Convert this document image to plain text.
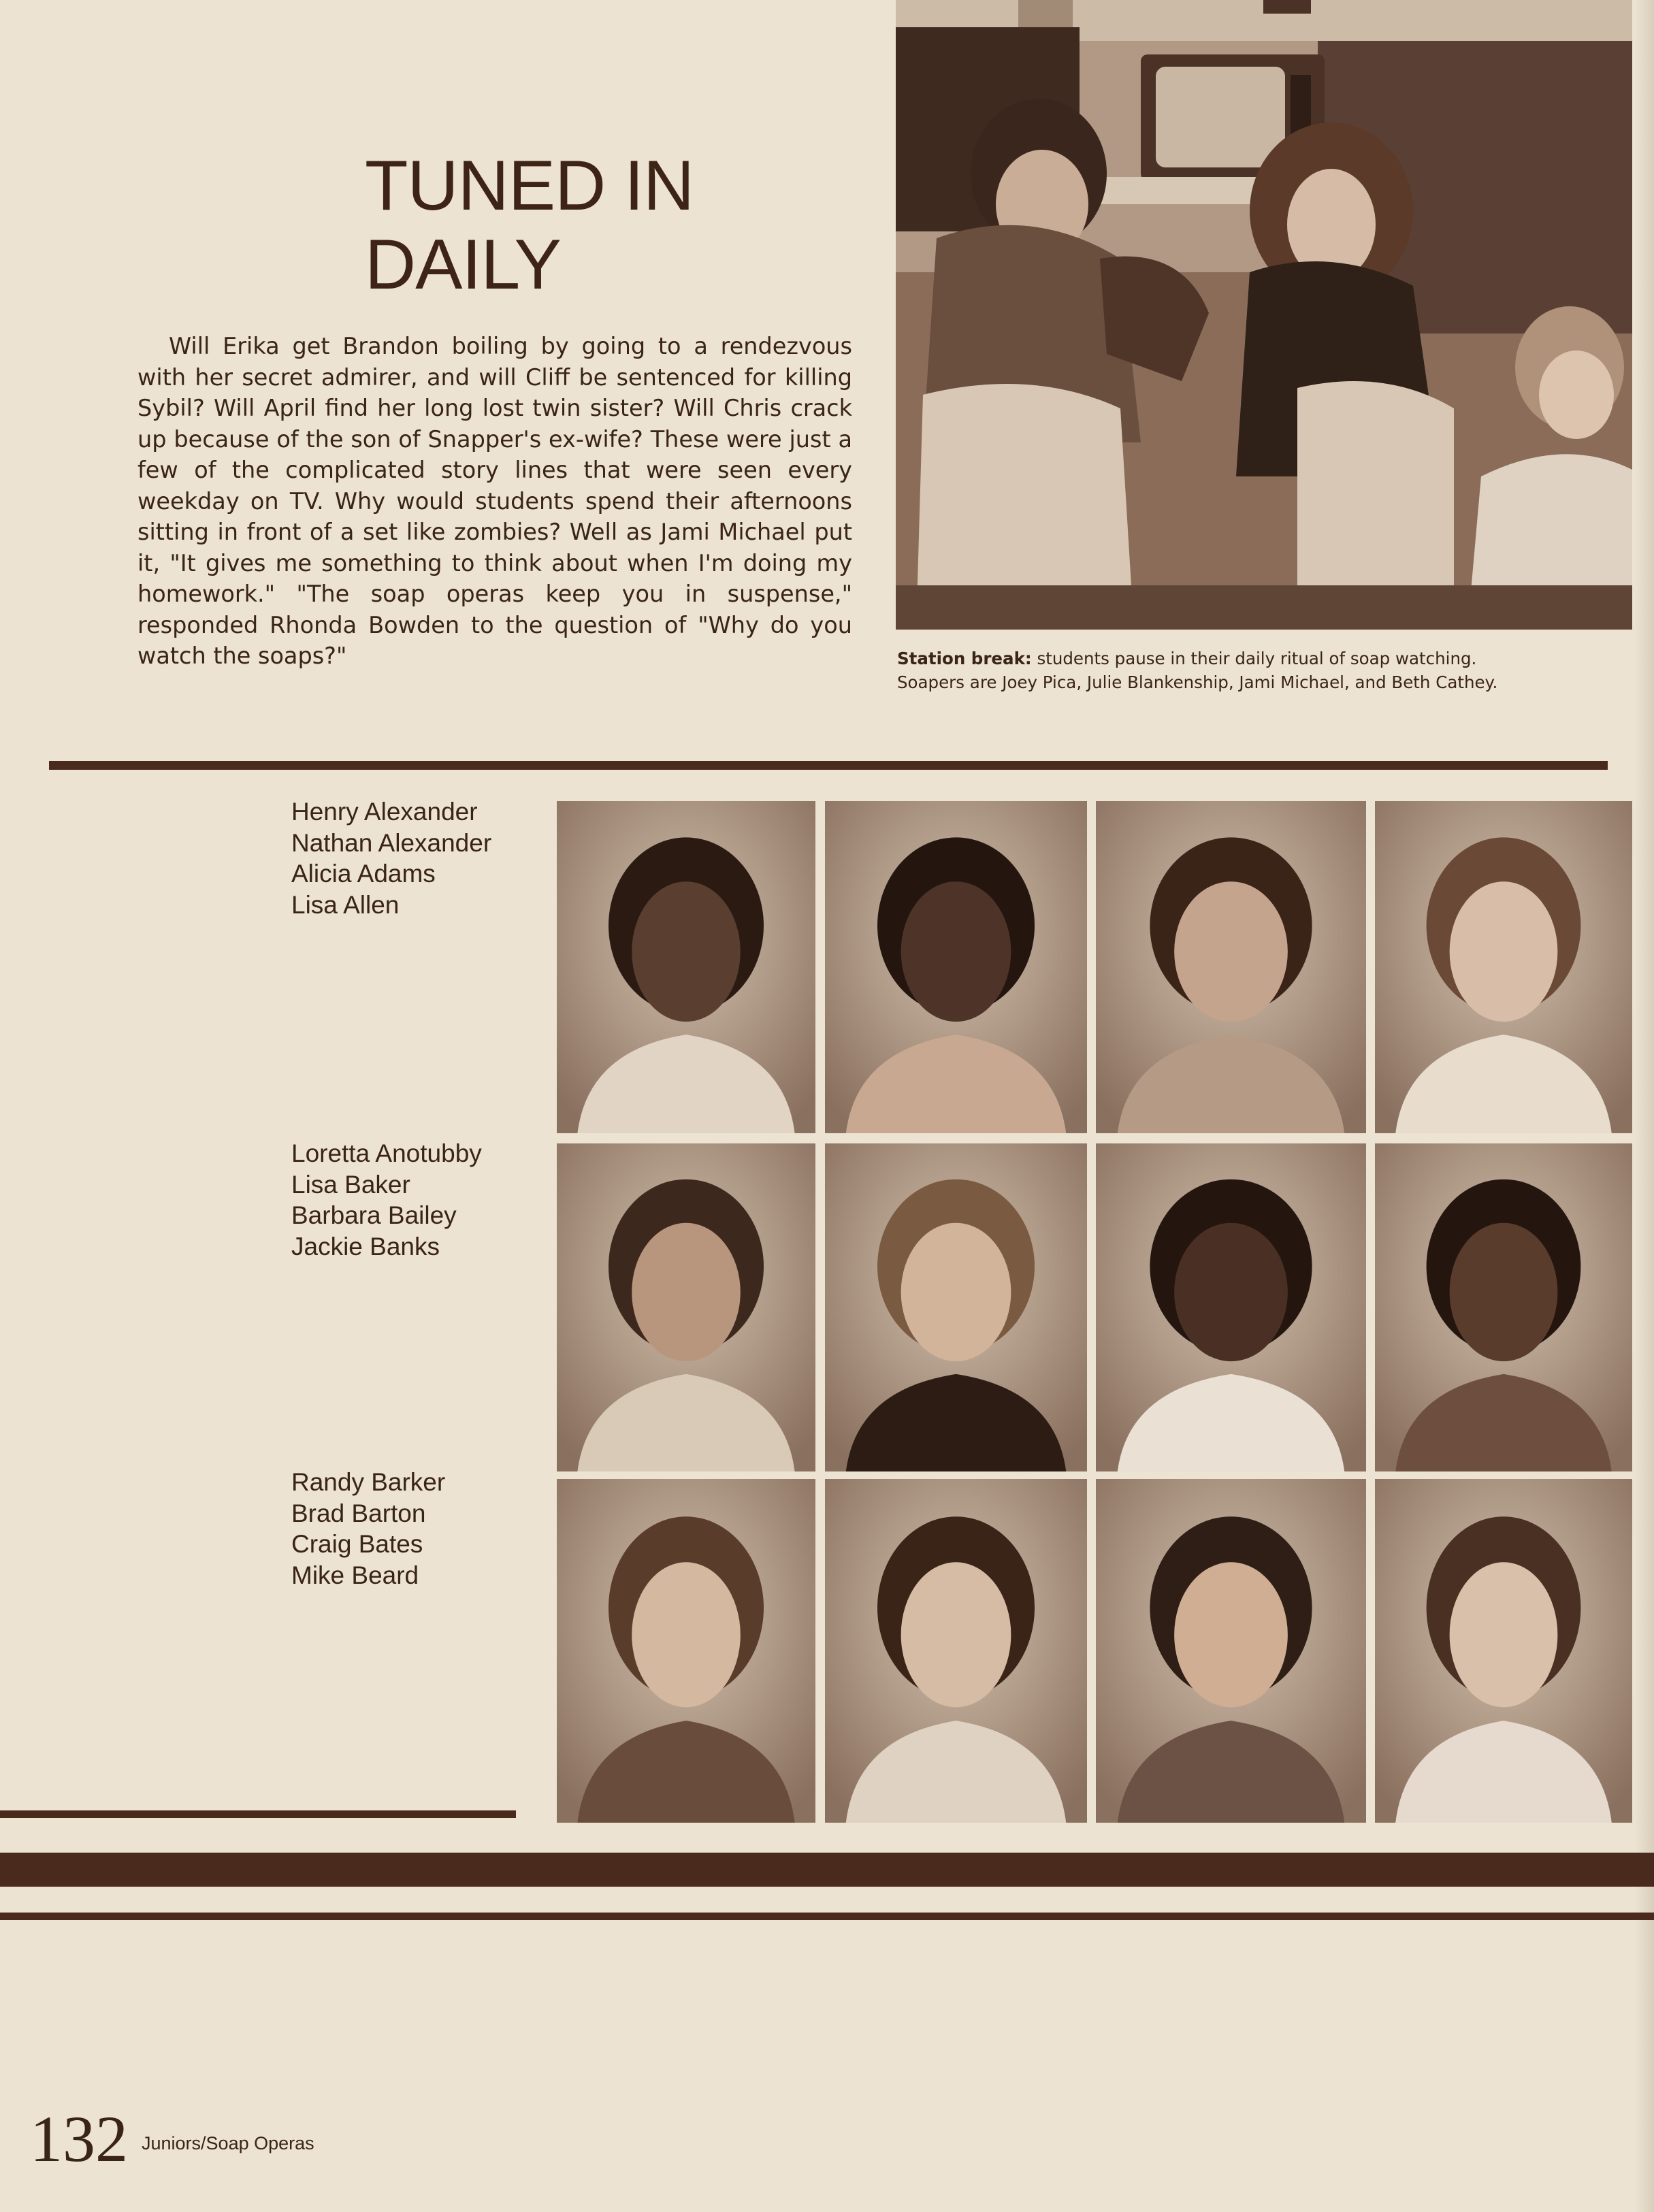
TUNED IN
DAILY
Will Erika get Brandon boiling by going to a rendezvous with her secret admirer, and will Cliff be sentenced for killing Sybil? Will April find her long lost twin sister? Will Chris crack up because of the son of Snapper's ex-wife? These were just a few of the complicated story lines that were seen every weekday on TV. Why would students spend their afternoons sitting in front of a set like zombies? Well as Jami Michael put it, "It gives me something to think about when I'm doing my homework." "The soap operas keep you in suspense," responded Rhonda Bowden to the question of "Why do you watch the soaps?"	Station break: students pause in their daily ritual of soap watching.
Soapers are Joey Pica, Julie Blankenship, Jami Michael, and Beth Cathey.
Henry Alexander
Nathan Alexander
Alicia Adams
Lisa Allen
Loretta Anotubby
Lisa Baker
Barbara Bailey
Jackie Banks
Randy Barker
Brad Barton
Craig Bates
Mike Beard
132 Juniors/Soap Operas
